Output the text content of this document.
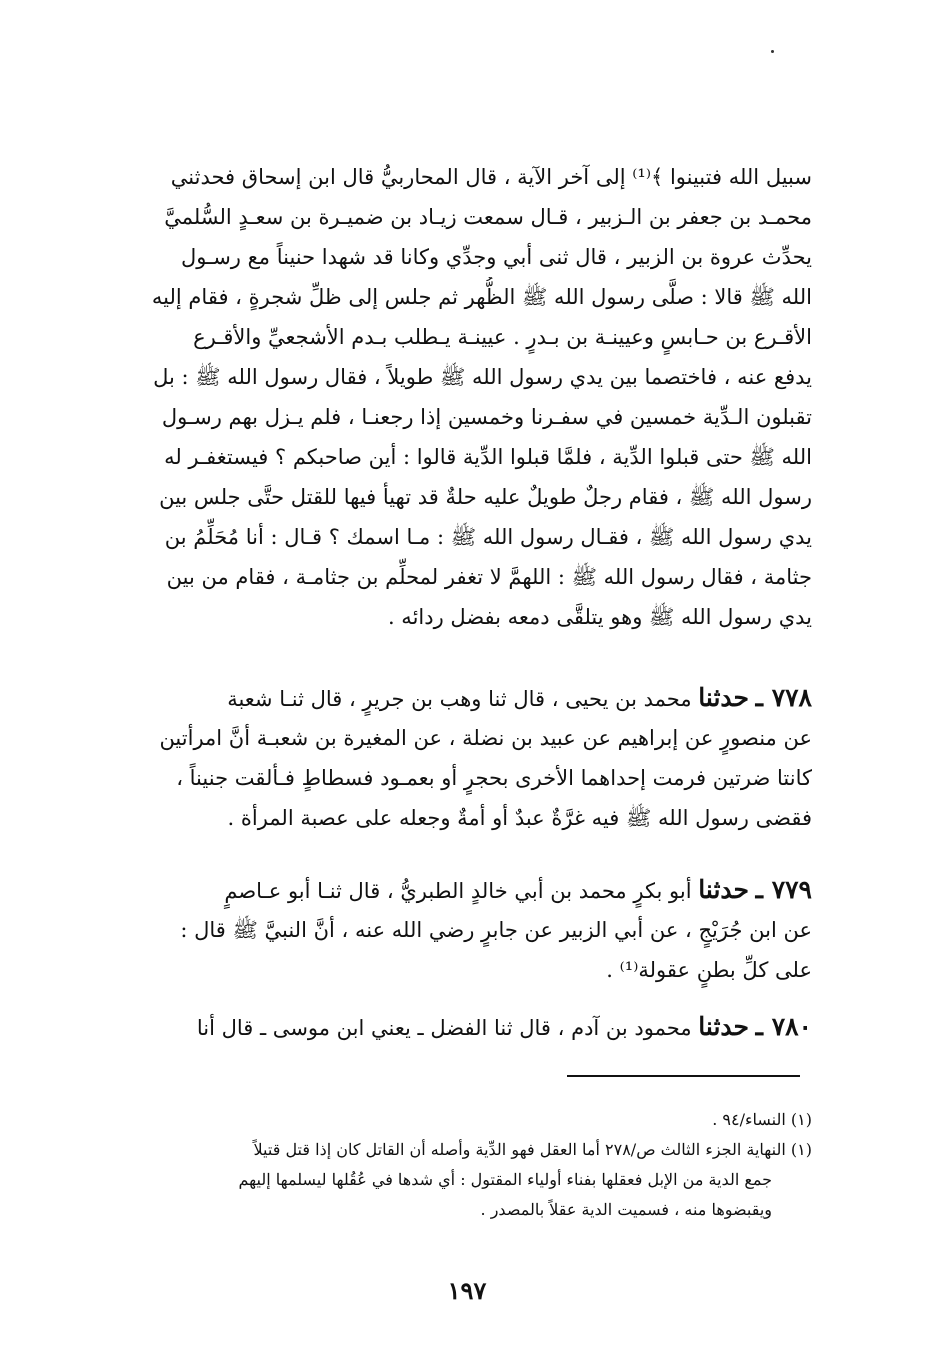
سبيل الله فتبينوا ﴾⁽¹⁾ إلى آخر الآية ، قال المحاربيُّ قال ابن إسحاق فحدثني
محمـد بن جعفر بن الـزبير ، قـال سمعت زيـاد بن ضميـرة بن سعـدٍ السُّلميَّ
يحدِّث عروة بن الزبير ، قال ثنى أبي وجدِّي وكانا قد شهدا حنيناً مع رسـول
الله ﷺ قالا : صلَّى رسول الله ﷺ الظُّهر ثم جلس إلى ظلِّ شجرةٍ ، فقام إليه
الأقـرع بن حـابسٍ وعيينـة بن بـدرٍ . عيينـة يـطلب بـدم الأشجعيِّ والأقـرع
يدفع عنه ، فاختصما بين يدي رسول الله ﷺ طويلاً ، فقال رسول الله ﷺ : بل
تقبلون الـدِّية خمسين في سفـرنا وخمسين إذا رجعنـا ، فلم يـزل بهم رسـول
الله ﷺ حتى قبلوا الدِّية ، فلمَّا قبلوا الدِّية قالوا : أين صاحبكم ؟ فيستغفـر له
رسول الله ﷺ ، فقام رجلٌ طويلٌ عليه حلةٌ قد تهيأ فيها للقتل حتَّى جلس بين
يدي رسول الله ﷺ ، فقـال رسول الله ﷺ : مـا اسمك ؟ قـال : أنا مُحَلِّمُ بن
جثامة ، فقال رسول الله ﷺ : اللهمَّ لا تغفر لمحلِّم بن جثامـة ، فقام من بين
يدي رسول الله ﷺ وهو يتلقَّى دمعه بفضل ردائه .
٧٧٨ ـ حدثنا محمد بن يحيى ، قال ثنا وهب بن جريرٍ ، قال ثنـا شعبة
عن منصورٍ عن إبراهيم عن عبيد بن نضلة ، عن المغيرة بن شعبـة أنَّ امرأتين
كانتا ضرتين فرمت إحداهما الأخرى بحجرٍ أو بعمـود فسطاطٍ فـألقت جنيناً ،
فقضى رسول الله ﷺ فيه غرَّةٌ عبدٌ أو أمةٌ وجعله على عصبة المرأة .
٧٧٩ ـ حدثنا أبو بكرٍ محمد بن أبي خالدٍ الطبريُّ ، قال ثنـا أبو عـاصمٍ
عن ابن جُرَيْجٍ ، عن أبي الزبير عن جابرٍ رضي الله عنه ، أنَّ النبيَّ ﷺ قال :
على كلِّ بطنٍ عقولة⁽¹⁾ .
٧٨٠ ـ حدثنا محمود بن آدم ، قال ثنا الفضل ـ يعني ابن موسى ـ قال أنا
(١) النساء/٩٤ .
(١) النهاية الجزء الثالث ص/٢٧٨ أما العقل فهو الدِّية وأصله أن القاتل كان إذا قتل قتيلاً
جمع الدية من الإبل فعقلها بفناء أولياء المقتول : أي شدها في عُقُلها ليسلمها إليهم
ويقبضوها منه ، فسميت الدية عقلاً بالمصدر .
١٩٧
